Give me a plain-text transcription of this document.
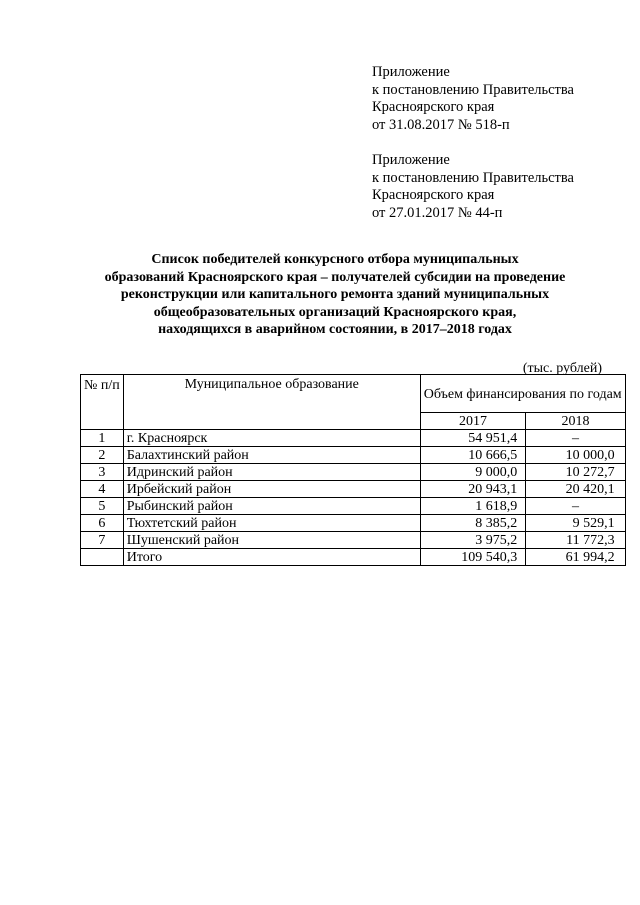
Приложение
к постановлению Правительства
Красноярского края
от 31.08.2017 № 518-п
Приложение
к постановлению Правительства
Красноярского края
от 27.01.2017 № 44-п
Список победителей конкурсного отбора муниципальных
образований Красноярского края – получателей субсидии на проведение
реконструкции или капитального ремонта зданий муниципальных
общеобразовательных организаций Красноярского края,
находящихся в аварийном состоянии, в 2017–2018 годах
(тыс. рублей)
№ п/п	Муниципальное образование	Объем финансирования по годам	
		2017	2018
1	г. Красноярск	54 951,4	–
2	Балахтинский район	10 666,5	10 000,0
3	Идринский район	9 000,0	10 272,7
4	Ирбейский район	20 943,1	20 420,1
5	Рыбинский район	1 618,9	–
6	Тюхтетский район	8 385,2	9 529,1
7	Шушенский район	3 975,2	11 772,3
	Итого	109 540,3	61 994,2
